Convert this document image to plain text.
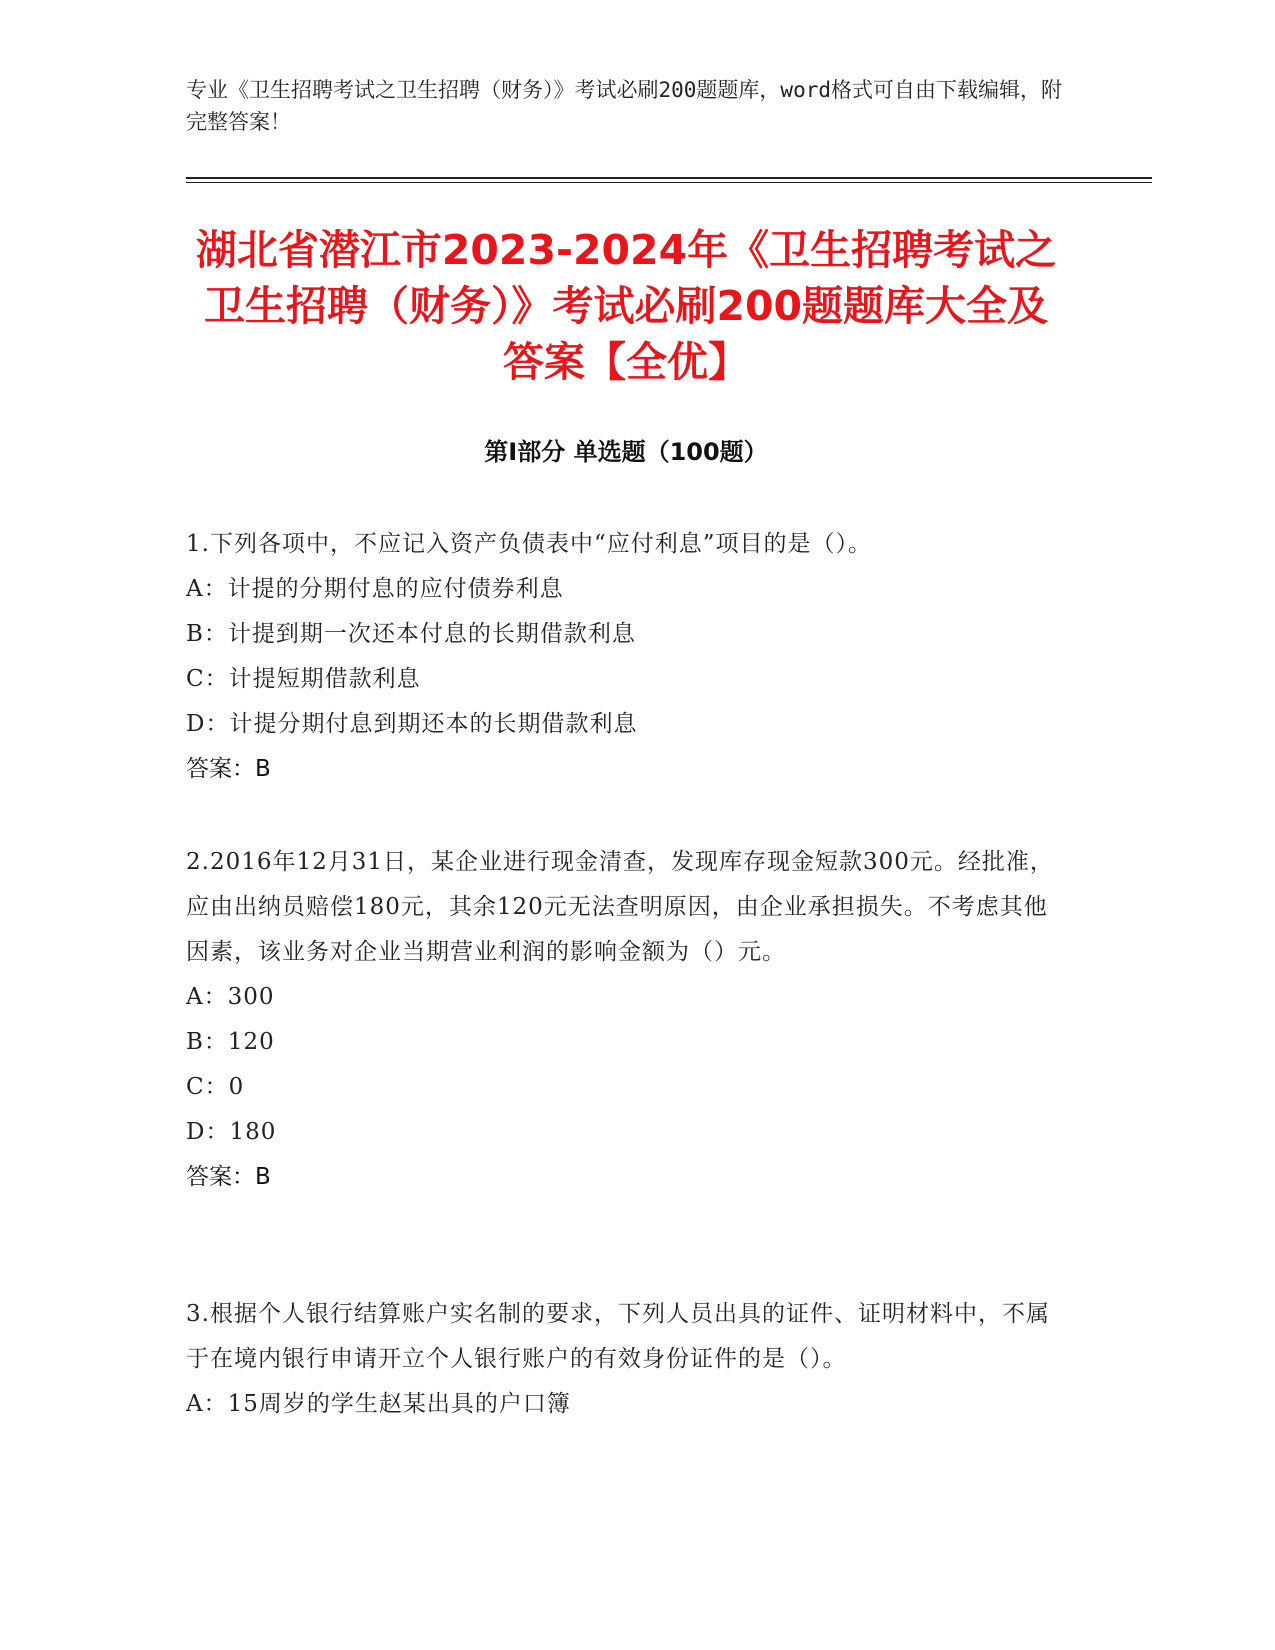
专业《卫生招聘考试之卫生招聘（财务）》考试必刷200题题库，word格式可自由下载编辑，附完整答案！
湖北省潜江市2023-2024年《卫生招聘考试之卫生招聘（财务）》考试必刷200题题库大全及答案【全优】
第Ⅰ部分 单选题（100题）
1.下列各项中，不应记入资产负债表中“应付利息”项目的是（）。
A：计提的分期付息的应付债券利息
B：计提到期一次还本付息的长期借款利息
C：计提短期借款利息
D：计提分期付息到期还本的长期借款利息
答案：B
2.2016年12月31日，某企业进行现金清查，发现库存现金短款300元。经批准，应由出纳员赔偿180元，其余120元无法查明原因，由企业承担损失。不考虑其他因素，该业务对企业当期营业利润的影响金额为（）元。
A：300
B：120
C：0
D：180
答案：B
3.根据个人银行结算账户实名制的要求，下列人员出具的证件、证明材料中，不属于在境内银行申请开立个人银行账户的有效身份证件的是（）。
A：15周岁的学生赵某出具的户口簿
